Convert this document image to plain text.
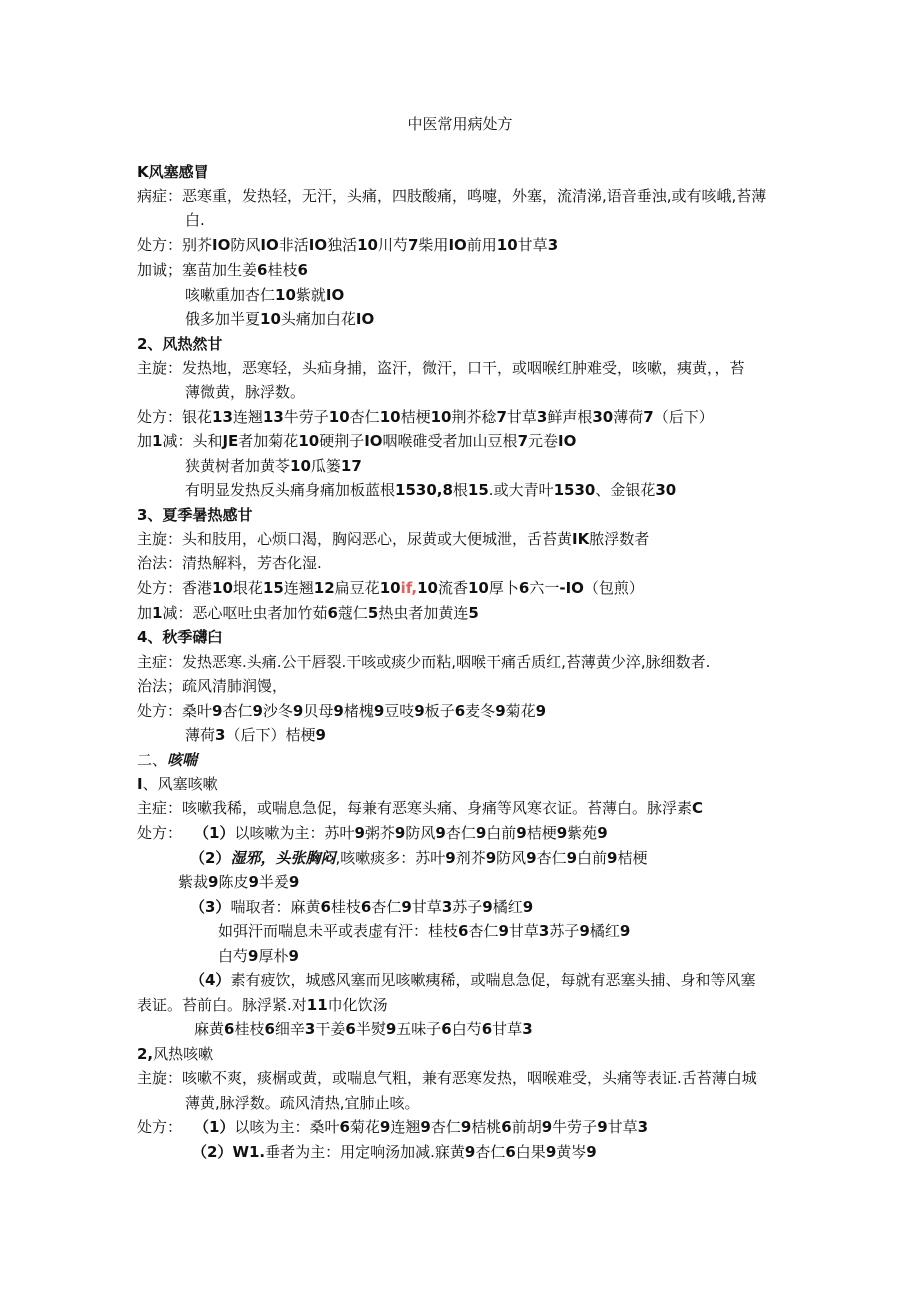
中医常用病处方
K风塞感冒
病症：恶寒重，发热轻，无汗，头痛，四肢酸痛，鸣嚏，外塞，流清涕,语音垂浊,或有咳峨,苔薄
白.
处方：别芥IO防风IO非活IO独活10川芍7柴用IO前用10甘草3
加诚；塞苗加生姜6桂枝6
咳嗽重加杏仁10紫就IO
俄多加半夏10头痛加白花IO
2、风热然甘
主旋：发热地，恶寒轻，头疝身捕，盗汗，微汗，口干，或咽喉红肿难受，咳嗽，痍黄，，苔
薄微黄，脉浮数。
处方：银花13连翘13牛劳子10杏仁10桔梗10荆芥稔7甘草3鲜声根30薄荷7（后下）
加1减：头和JE者加菊花10硬荆子IO咽喉碓受者加山豆根7元卷IO
狭黄树者加黄苓10瓜篓17
有明显发热反头痛身痛加板蓝根1530,8根15.或大青叶1530、金银花30
3、夏季暑热感甘
主旋：头和肢用，心烦口渴，胸闷恶心，尿黄或大便城泄，舌苔黄IK脓浮数者
治法：清热解料，芳杏化湿.
处方：香港10垠花15连翘12扁豆花10if,10流香10厚卜6六一-IO（包煎）
加1减：恶心呕吐虫者加竹茹6蔻仁5热虫者加黄连5
4、秋季礴臼
主症：发热恶寒.头痛.公干唇裂.干咳或痰少而粘,咽喉干痛舌质红,苔薄黄少淬,脉细数者.
治法；疏风清肺润馒，
处方：桑叶9杏仁9沙冬9贝母9楮槐9豆吱9板子6麦冬9菊花9
薄荷3（后下）桔梗9
二、咳喘
I、风塞咳嗽
主症：咳嗽我稀，或喘息急促，每兼有恶寒头痛、身痛等风寒衣证。苔薄白。脉浮素C
处方： （1）以咳嗽为主：苏叶9粥芥9防风9杏仁9白前9桔梗9紫苑9
（2）湿邪，头张胸闷,咳嗽痰多：苏叶9剂芥9防风9杏仁9白前9桔梗
紫裁9陈皮9半爰9
（3）喘取者：麻黄6桂枝6杏仁9甘草3苏子9橘红9
如弭汗而喘息未平或表虚有汗：桂枝6杏仁9甘草3苏子9橘红9
白芍9厚朴9
（4）素有疲饮，城感风塞而见咳嗽痍稀，或喘息急促，每就有恶塞头捕、身和等风塞
表证。苔前白。脉浮紧.对11巾化饮汤
麻黄6桂枝6细辛3干姜6半熨9五味子6白芍6甘草3
2,风热咳嗽
主旋：咳嗽不爽，痰榍或黄，或喘息气粗，兼有恶寒发热，咽喉难受，头痛等表证.舌苔薄白城
薄黄,脉浮数。疏风清热,宜肺止咳。
处方： （1）以咳为主：桑叶6菊花9连翘9杏仁9桔桃6前胡9牛劳子9甘草3
（2）W1.垂者为主：用定响汤加减.寐黄9杏仁6白果9黄岑9
